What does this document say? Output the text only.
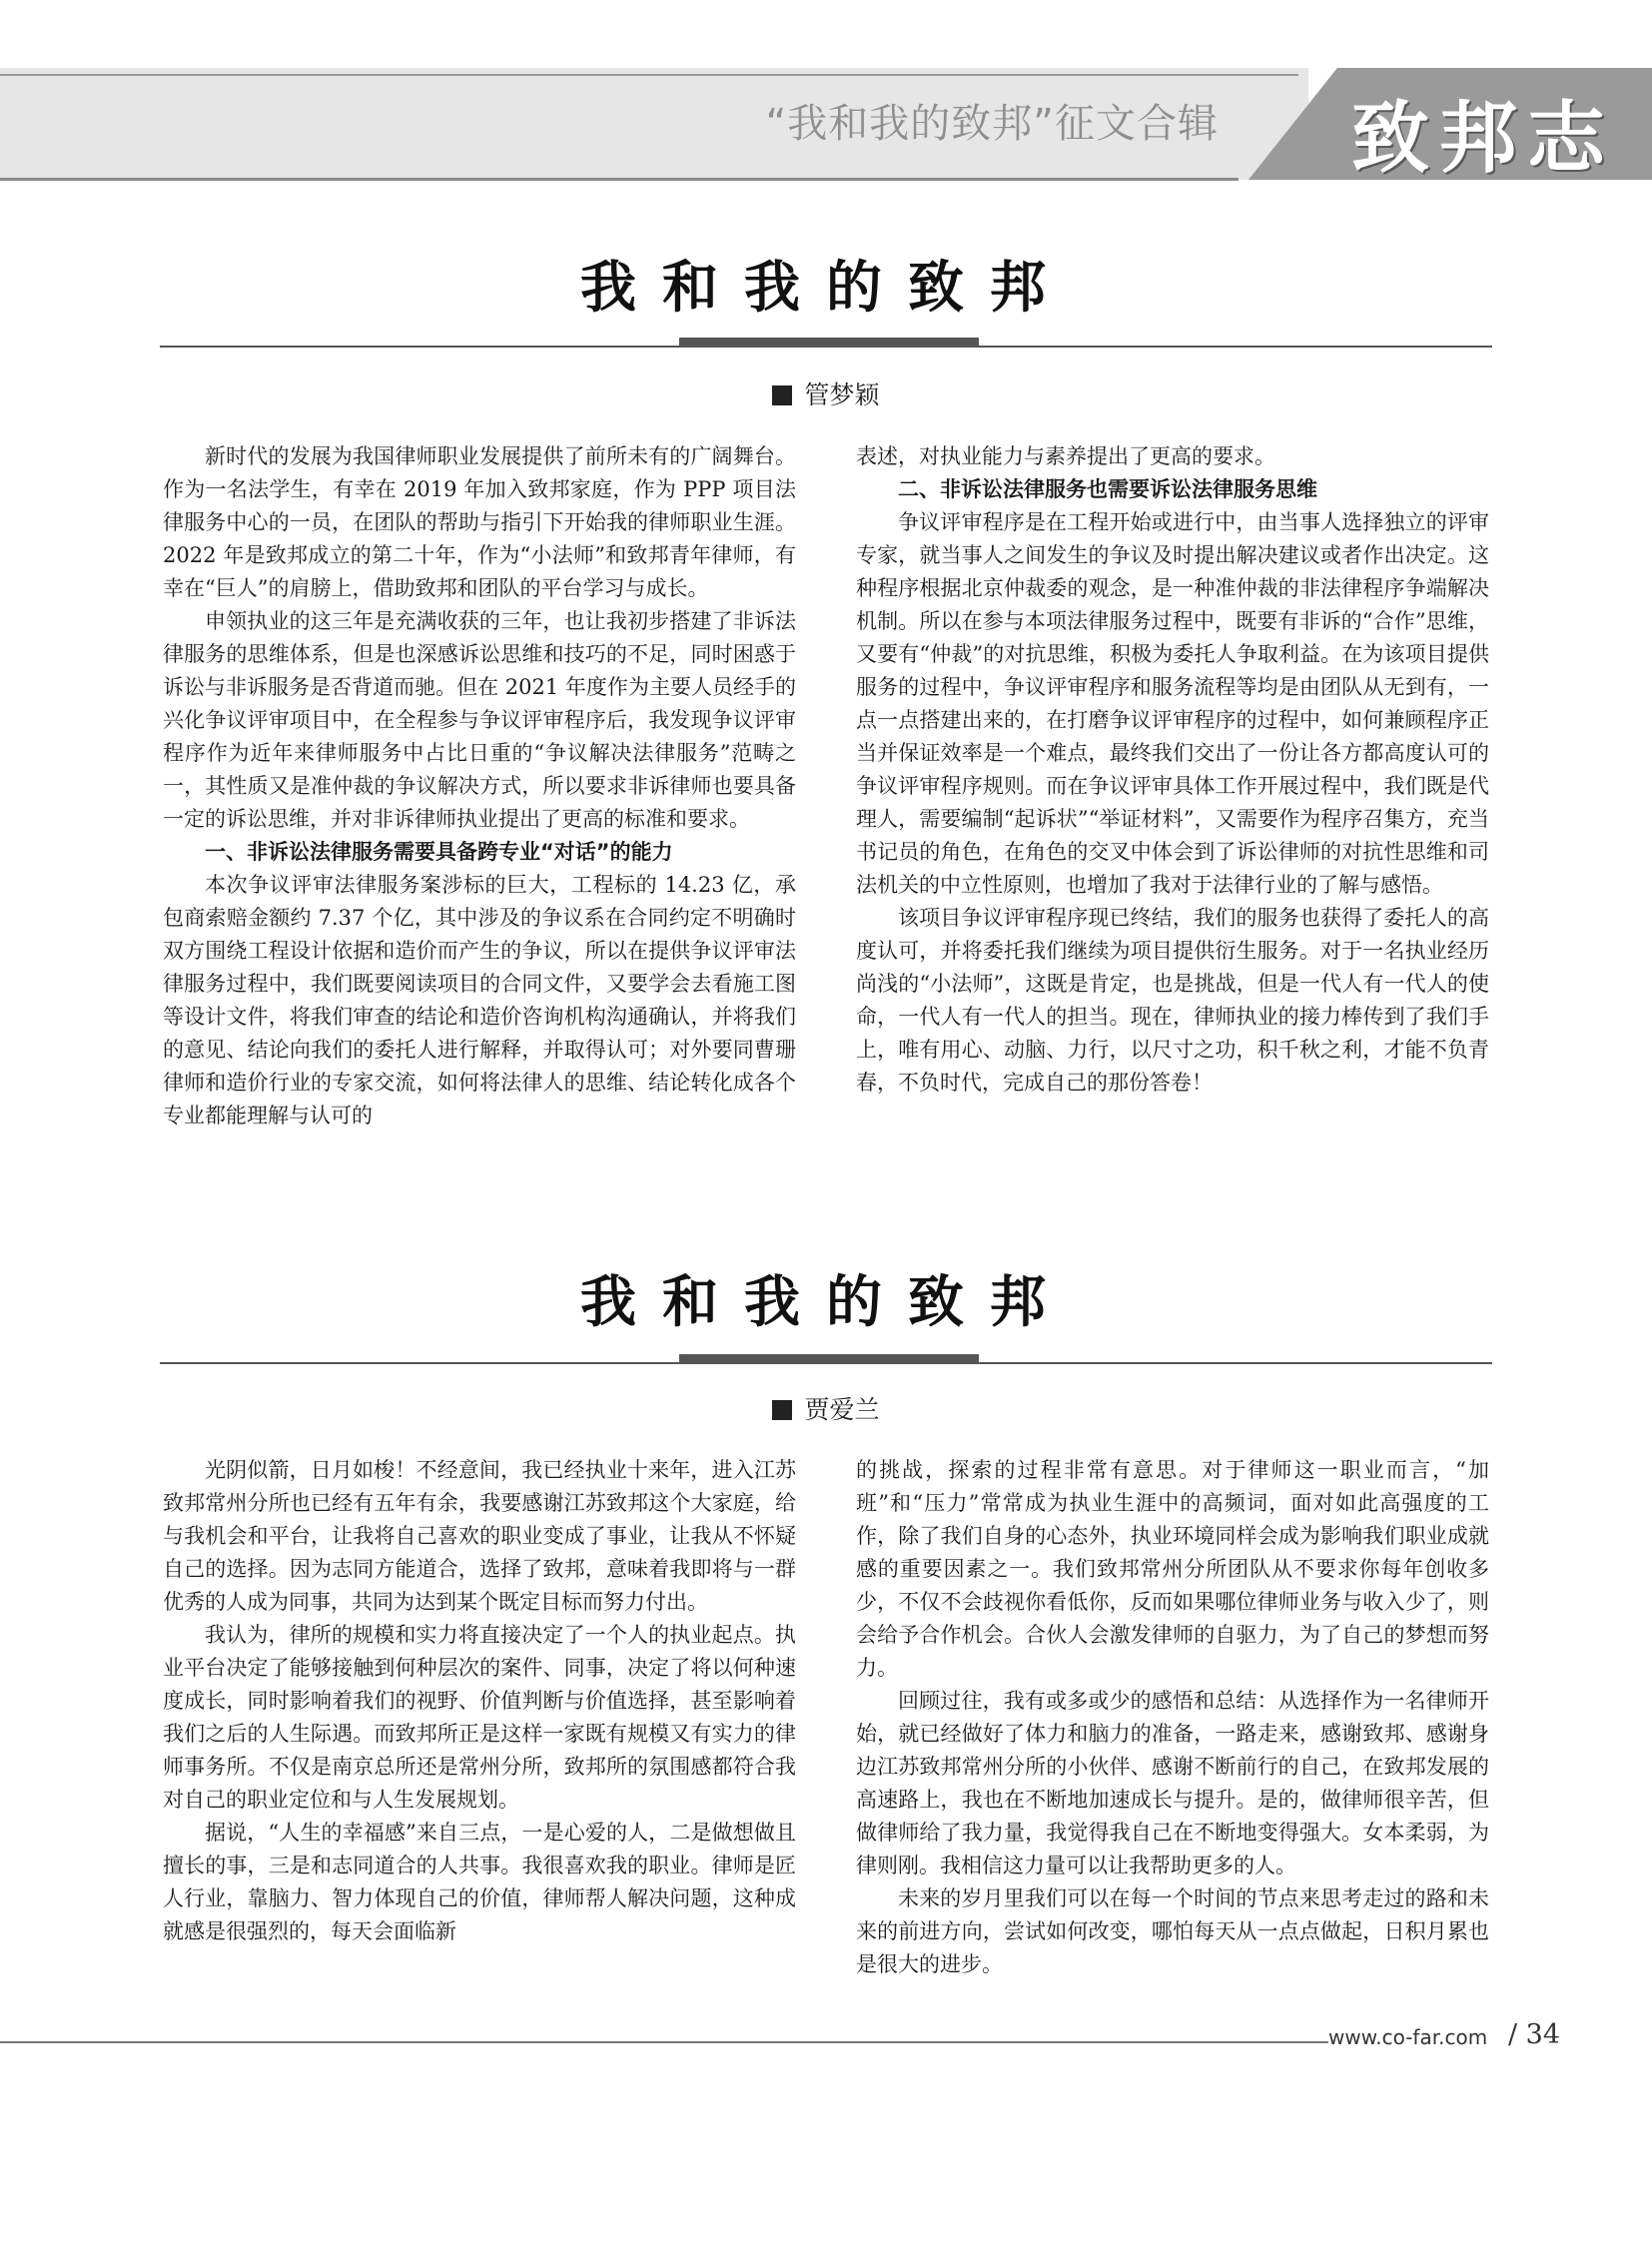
“我和我的致邦”征文合辑	致邦志
我和我的致邦
管梦颖

新时代的发展为我国律师职业发展提供了前所未有的广阔舞台。作为一名法学生，有幸在 2019 年加入致邦家庭，作为 PPP 项目法律服务中心的一员，在团队的帮助与指引下开始我的律师职业生涯。2022 年是致邦成立的第二十年，作为“小法师”和致邦青年律师，有幸在“巨人”的肩膀上，借助致邦和团队的平台学习与成长。

申领执业的这三年是充满收获的三年，也让我初步搭建了非诉法律服务的思维体系，但是也深感诉讼思维和技巧的不足，同时困惑于诉讼与非诉服务是否背道而驰。但在 2021 年度作为主要人员经手的兴化争议评审项目中，在全程参与争议评审程序后，我发现争议评审程序作为近年来律师服务中占比日重的“争议解决法律服务”范畴之一，其性质又是准仲裁的争议解决方式，所以要求非诉律师也要具备一定的诉讼思维，并对非诉律师执业提出了更高的标准和要求。

一、非诉讼法律服务需要具备跨专业“对话”的能力

本次争议评审法律服务案涉标的巨大，工程标的 14.23 亿，承包商索赔金额约 7.37 个亿，其中涉及的争议系在合同约定不明确时双方围绕工程设计依据和造价而产生的争议，所以在提供争议评审法律服务过程中，我们既要阅读项目的合同文件，又要学会去看施工图等设计文件，将我们审查的结论和造价咨询机构沟通确认，并将我们的意见、结论向我们的委托人进行解释，并取得认可；对外要同曹珊律师和造价行业的专家交流，如何将法律人的思维、结论转化成各个专业都能理解与认可的

表述，对执业能力与素养提出了更高的要求。

二、非诉讼法律服务也需要诉讼法律服务思维

争议评审程序是在工程开始或进行中，由当事人选择独立的评审专家，就当事人之间发生的争议及时提出解决建议或者作出决定。这种程序根据北京仲裁委的观念，是一种准仲裁的非法律程序争端解决机制。所以在参与本项法律服务过程中，既要有非诉的“合作”思维，又要有“仲裁”的对抗思维，积极为委托人争取利益。在为该项目提供服务的过程中，争议评审程序和服务流程等均是由团队从无到有，一点一点搭建出来的，在打磨争议评审程序的过程中，如何兼顾程序正当并保证效率是一个难点，最终我们交出了一份让各方都高度认可的争议评审程序规则。而在争议评审具体工作开展过程中，我们既是代理人，需要编制“起诉状”“举证材料”，又需要作为程序召集方，充当书记员的角色，在角色的交叉中体会到了诉讼律师的对抗性思维和司法机关的中立性原则，也增加了我对于法律行业的了解与感悟。

该项目争议评审程序现已终结，我们的服务也获得了委托人的高度认可，并将委托我们继续为项目提供衍生服务。对于一名执业经历尚浅的“小法师”，这既是肯定，也是挑战，但是一代人有一代人的使命，一代人有一代人的担当。现在，律师执业的接力棒传到了我们手上，唯有用心、动脑、力行，以尺寸之功，积千秋之利，才能不负青春，不负时代，完成自己的那份答卷！

我和我的致邦
贾爱兰

光阴似箭，日月如梭！不经意间，我已经执业十来年，进入江苏致邦常州分所也已经有五年有余，我要感谢江苏致邦这个大家庭，给与我机会和平台，让我将自己喜欢的职业变成了事业，让我从不怀疑自己的选择。因为志同方能道合，选择了致邦，意味着我即将与一群优秀的人成为同事，共同为达到某个既定目标而努力付出。

我认为，律所的规模和实力将直接决定了一个人的执业起点。执业平台决定了能够接触到何种层次的案件、同事，决定了将以何种速度成长，同时影响着我们的视野、价值判断与价值选择，甚至影响着我们之后的人生际遇。而致邦所正是这样一家既有规模又有实力的律师事务所。不仅是南京总所还是常州分所，致邦所的氛围感都符合我对自己的职业定位和与人生发展规划。

据说，“人生的幸福感”来自三点，一是心爱的人，二是做想做且擅长的事，三是和志同道合的人共事。我很喜欢我的职业。律师是匠人行业，靠脑力、智力体现自己的价值，律师帮人解决问题，这种成就感是很强烈的，每天会面临新

的挑战，探索的过程非常有意思。对于律师这一职业而言，“加班”和“压力”常常成为执业生涯中的高频词，面对如此高强度的工作，除了我们自身的心态外，执业环境同样会成为影响我们职业成就感的重要因素之一。我们致邦常州分所团队从不要求你每年创收多少，不仅不会歧视你看低你，反而如果哪位律师业务与收入少了，则会给予合作机会。合伙人会激发律师的自驱力，为了自己的梦想而努力。

回顾过往，我有或多或少的感悟和总结：从选择作为一名律师开始，就已经做好了体力和脑力的准备，一路走来，感谢致邦、感谢身边江苏致邦常州分所的小伙伴、感谢不断前行的自己，在致邦发展的高速路上，我也在不断地加速成长与提升。是的，做律师很辛苦，但做律师给了我力量，我觉得我自己在不断地变得强大。女本柔弱，为律则刚。我相信这力量可以让我帮助更多的人。

未来的岁月里我们可以在每一个时间的节点来思考走过的路和未来的前进方向，尝试如何改变，哪怕每天从一点点做起，日积月累也是很大的进步。

www.co-far.com / 34
